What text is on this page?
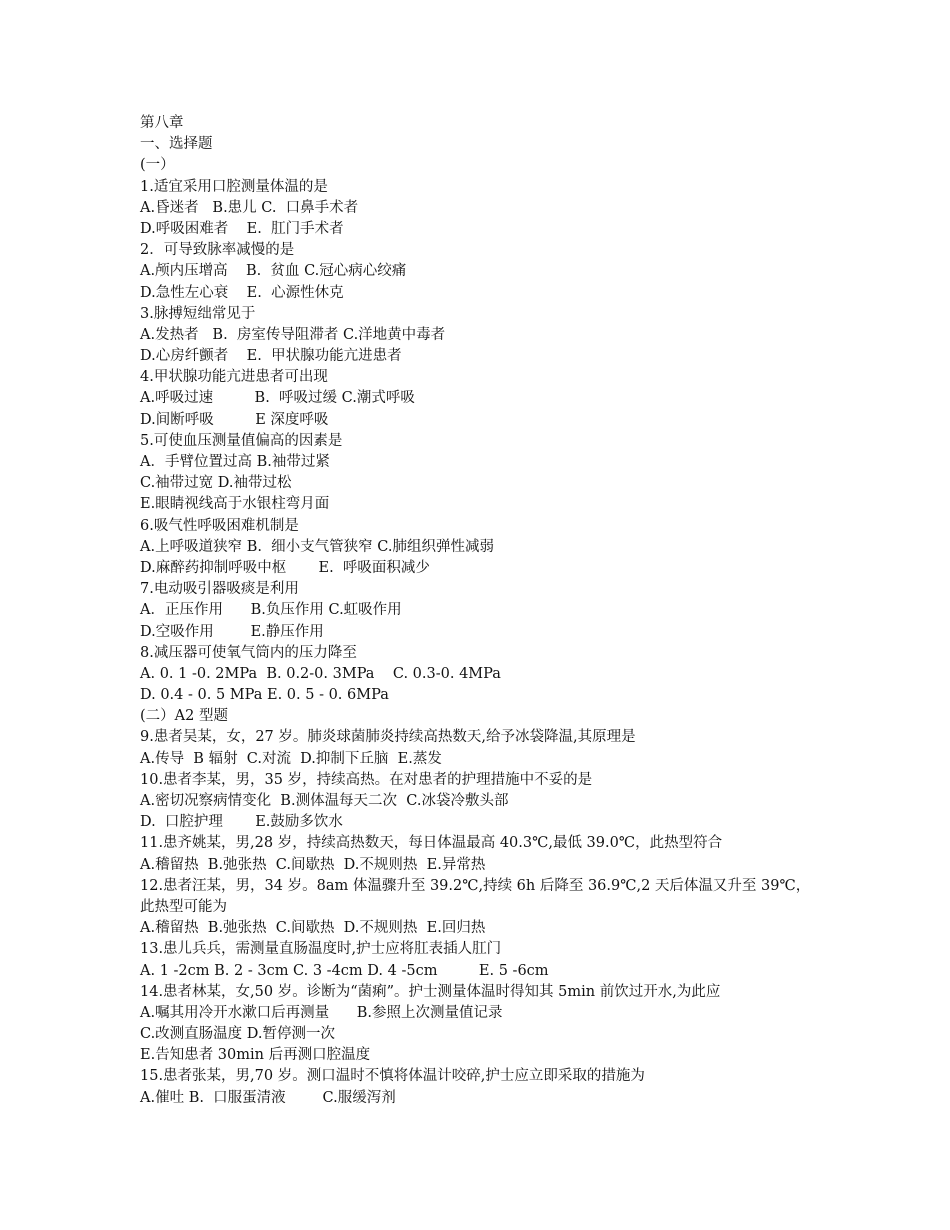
第八章
一、选择题
(一）
1.适宜采用口腔测量体温的是
A.昏迷者   B.患儿 C.  口鼻手术者
D.呼吸困难者    E.  肛门手术者
2．可导致脉率减慢的是
A.颅内压增高    B.  贫血 C.冠心病心绞痛
D.急性左心衰    E.  心源性休克
3.脉搏短绌常见于
A.发热者   B.  房室传导阻滞者 C.洋地黄中毒者
D.心房纤颤者    E.  甲状腺功能亢进患者
4.甲状腺功能亢进患者可出现
A.呼吸过速         B.  呼吸过缓 C.潮式呼吸
D.间断呼吸         E 深度呼吸
5.可使血压测量值偏高的因素是
A．手臂位置过高 B.袖带过紧
C.袖带过宽 D.袖带过松
E.眼睛视线高于水银柱弯月面
6.吸气性呼吸困难机制是
A.上呼吸道狭窄 B.  细小支气管狭窄 C.肺组织弹性减弱
D.麻醉药抑制呼吸中枢       E.  呼吸面积减少
7.电动吸引器吸痰是利用
A．正压作用      B.负压作用 C.虹吸作用
D.空吸作用        E.静压作用
8.减压器可使氧气筒内的压力降至
A. 0. 1 -0. 2MPa  B. 0.2-0. 3MPa    C. 0.3-0. 4MPa
D. 0.4 - 0. 5 MPa E. 0. 5 - 0. 6MPa
(二）A2 型题
9.患者吴某，女，27 岁。肺炎球菌肺炎持续高热数天,给予冰袋降温,其原理是
A.传导  B 辐射  C.对流  D.抑制下丘脑  E.蒸发
10.患者李某，男，35 岁，持续高热。在对患者的护理措施中不妥的是
A.密切况察病情变化  B.测体温每天二次  C.冰袋冷敷头部
D.  口腔护理       E.鼓励多饮水
11.患齐姚某，男,28 岁，持续高热数天，每日体温最高 40.3℃,最低 39.0℃，此热型符合
A.稽留热  B.弛张热  C.间歇热  D.不规则热  E.异常热
12.患者汪某，男，34 岁。8am 体温骤升至 39.2℃,持续 6h 后降至 36.9℃,2 天后体温又升至 39℃，
此热型可能为
A.稽留热  B.弛张热  C.间歇热  D.不规则热  E.回归热
13.患儿兵兵，需测量直肠温度时,护士应将肛表插人肛门
A. 1 -2cm B. 2 - 3cm C. 3 -4cm D. 4 -5cm         E. 5 -6cm
14.患者林某，女,50 岁。诊断为“菌痢”。护士测量体温时得知其 5min 前饮过开水,为此应
A.嘱其用冷开水漱口后再测量      B.参照上次测量值记录
C.改测直肠温度 D.暂停测一次
E.告知患者 30min 后再测口腔温度
15.患者张某，男,70 岁。测口温时不慎将体温计咬碎,护士应立即采取的措施为
A.催吐 B.  口服蛋清液        C.服缓泻剂
